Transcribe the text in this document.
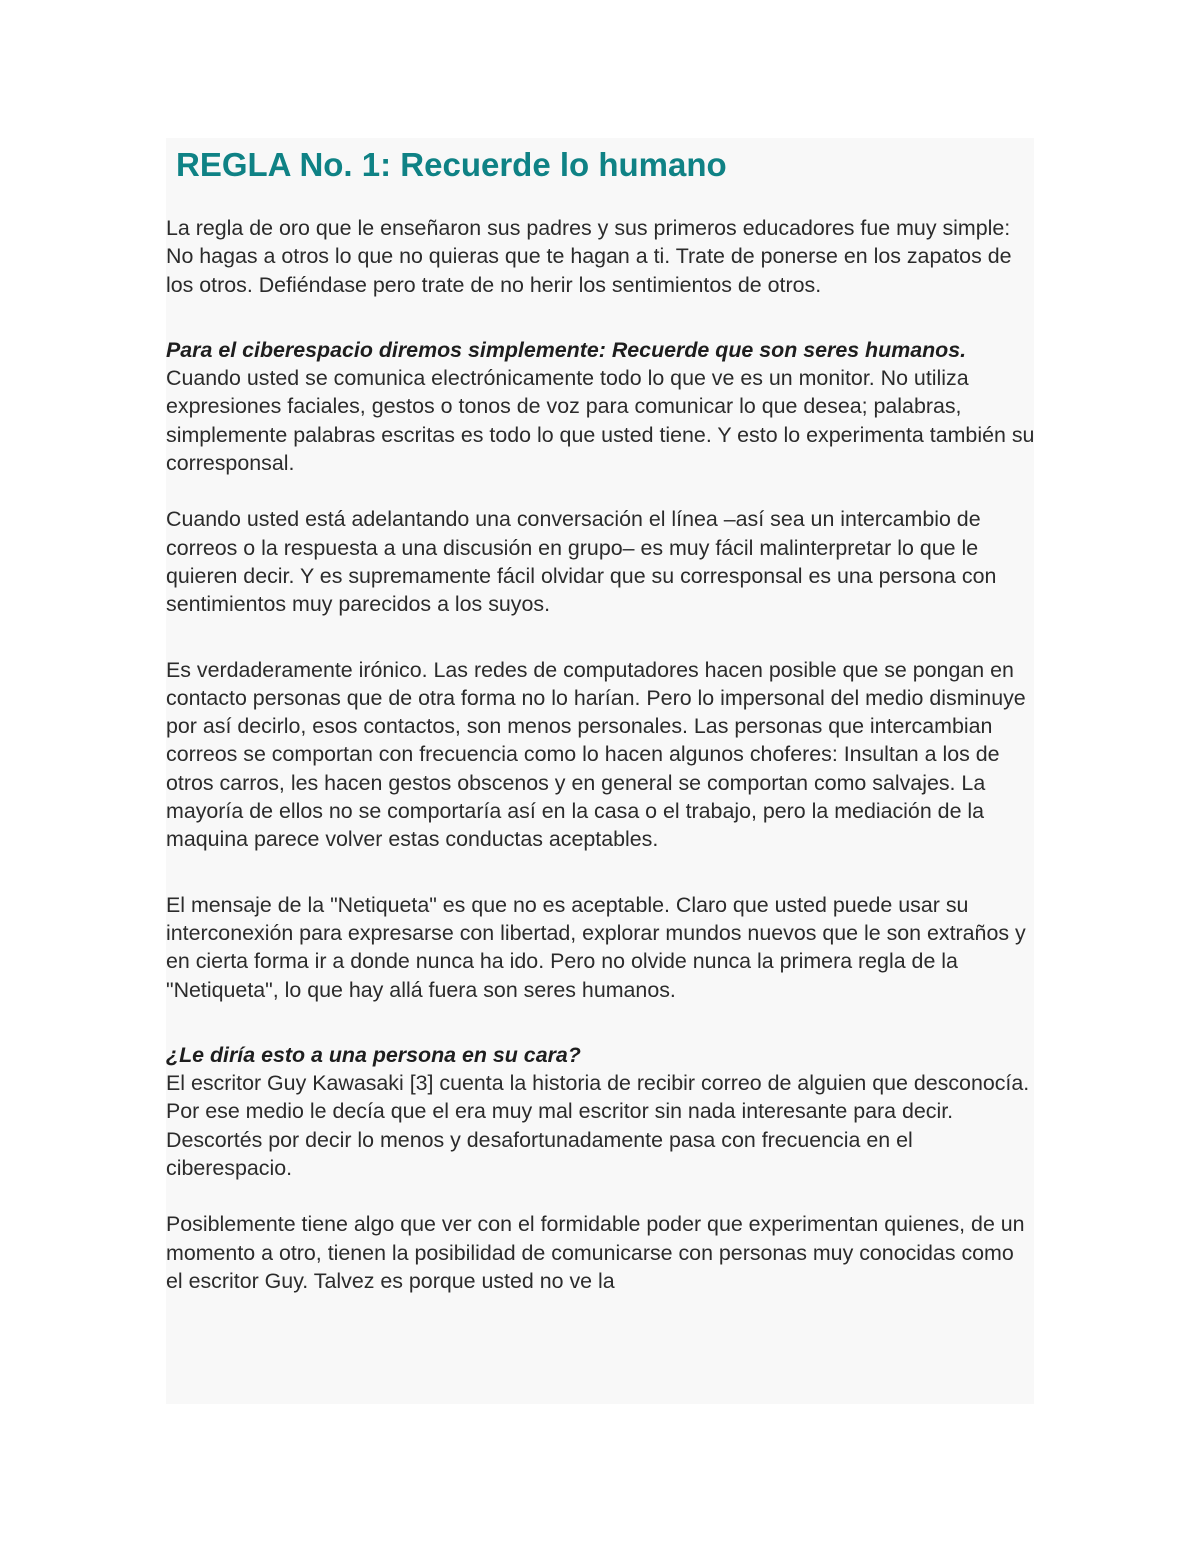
REGLA No. 1: Recuerde lo humano

La regla de oro que le enseñaron sus padres y sus primeros educadores fue muy simple: No hagas a otros lo que no quieras que te hagan a ti. Trate de ponerse en los zapatos de los otros. Defiéndase pero trate de no herir los sentimientos de otros.

Para el ciberespacio diremos simplemente: Recuerde que son seres humanos.
Cuando usted se comunica electrónicamente todo lo que ve es un monitor. No utiliza expresiones faciales, gestos o tonos de voz para comunicar lo que desea; palabras, simplemente palabras escritas es todo lo que usted tiene. Y esto lo experimenta también su corresponsal.

Cuando usted está adelantando una conversación el línea –así sea un intercambio de correos o la respuesta a una discusión en grupo– es muy fácil malinterpretar lo que le quieren decir. Y es supremamente fácil olvidar que su corresponsal es una persona con sentimientos muy parecidos a los suyos.

Es verdaderamente irónico. Las redes de computadores hacen posible que se pongan en contacto personas que de otra forma no lo harían. Pero lo impersonal del medio disminuye por así decirlo, esos contactos, son menos personales. Las personas que intercambian correos se comportan con frecuencia como lo hacen algunos choferes: Insultan a los de otros carros, les hacen gestos obscenos y en general se comportan como salvajes. La mayoría de ellos no se comportaría así en la casa o el trabajo, pero la mediación de la maquina parece volver estas conductas aceptables.

El mensaje de la "Netiqueta" es que no es aceptable. Claro que usted puede usar su interconexión para expresarse con libertad, explorar mundos nuevos que le son extraños y en cierta forma ir a donde nunca ha ido. Pero no olvide nunca la primera regla de la "Netiqueta", lo que hay allá fuera son seres humanos.

¿Le diría esto a una persona en su cara?
El escritor Guy Kawasaki [3] cuenta la historia de recibir correo de alguien que desconocía. Por ese medio le decía que el era muy mal escritor sin nada interesante para decir. Descortés por decir lo menos y desafortunadamente pasa con frecuencia en el ciberespacio.

Posiblemente tiene algo que ver con el formidable poder que experimentan quienes, de un momento a otro, tienen la posibilidad de comunicarse con personas muy conocidas como el escritor Guy. Talvez es porque usted no ve la
